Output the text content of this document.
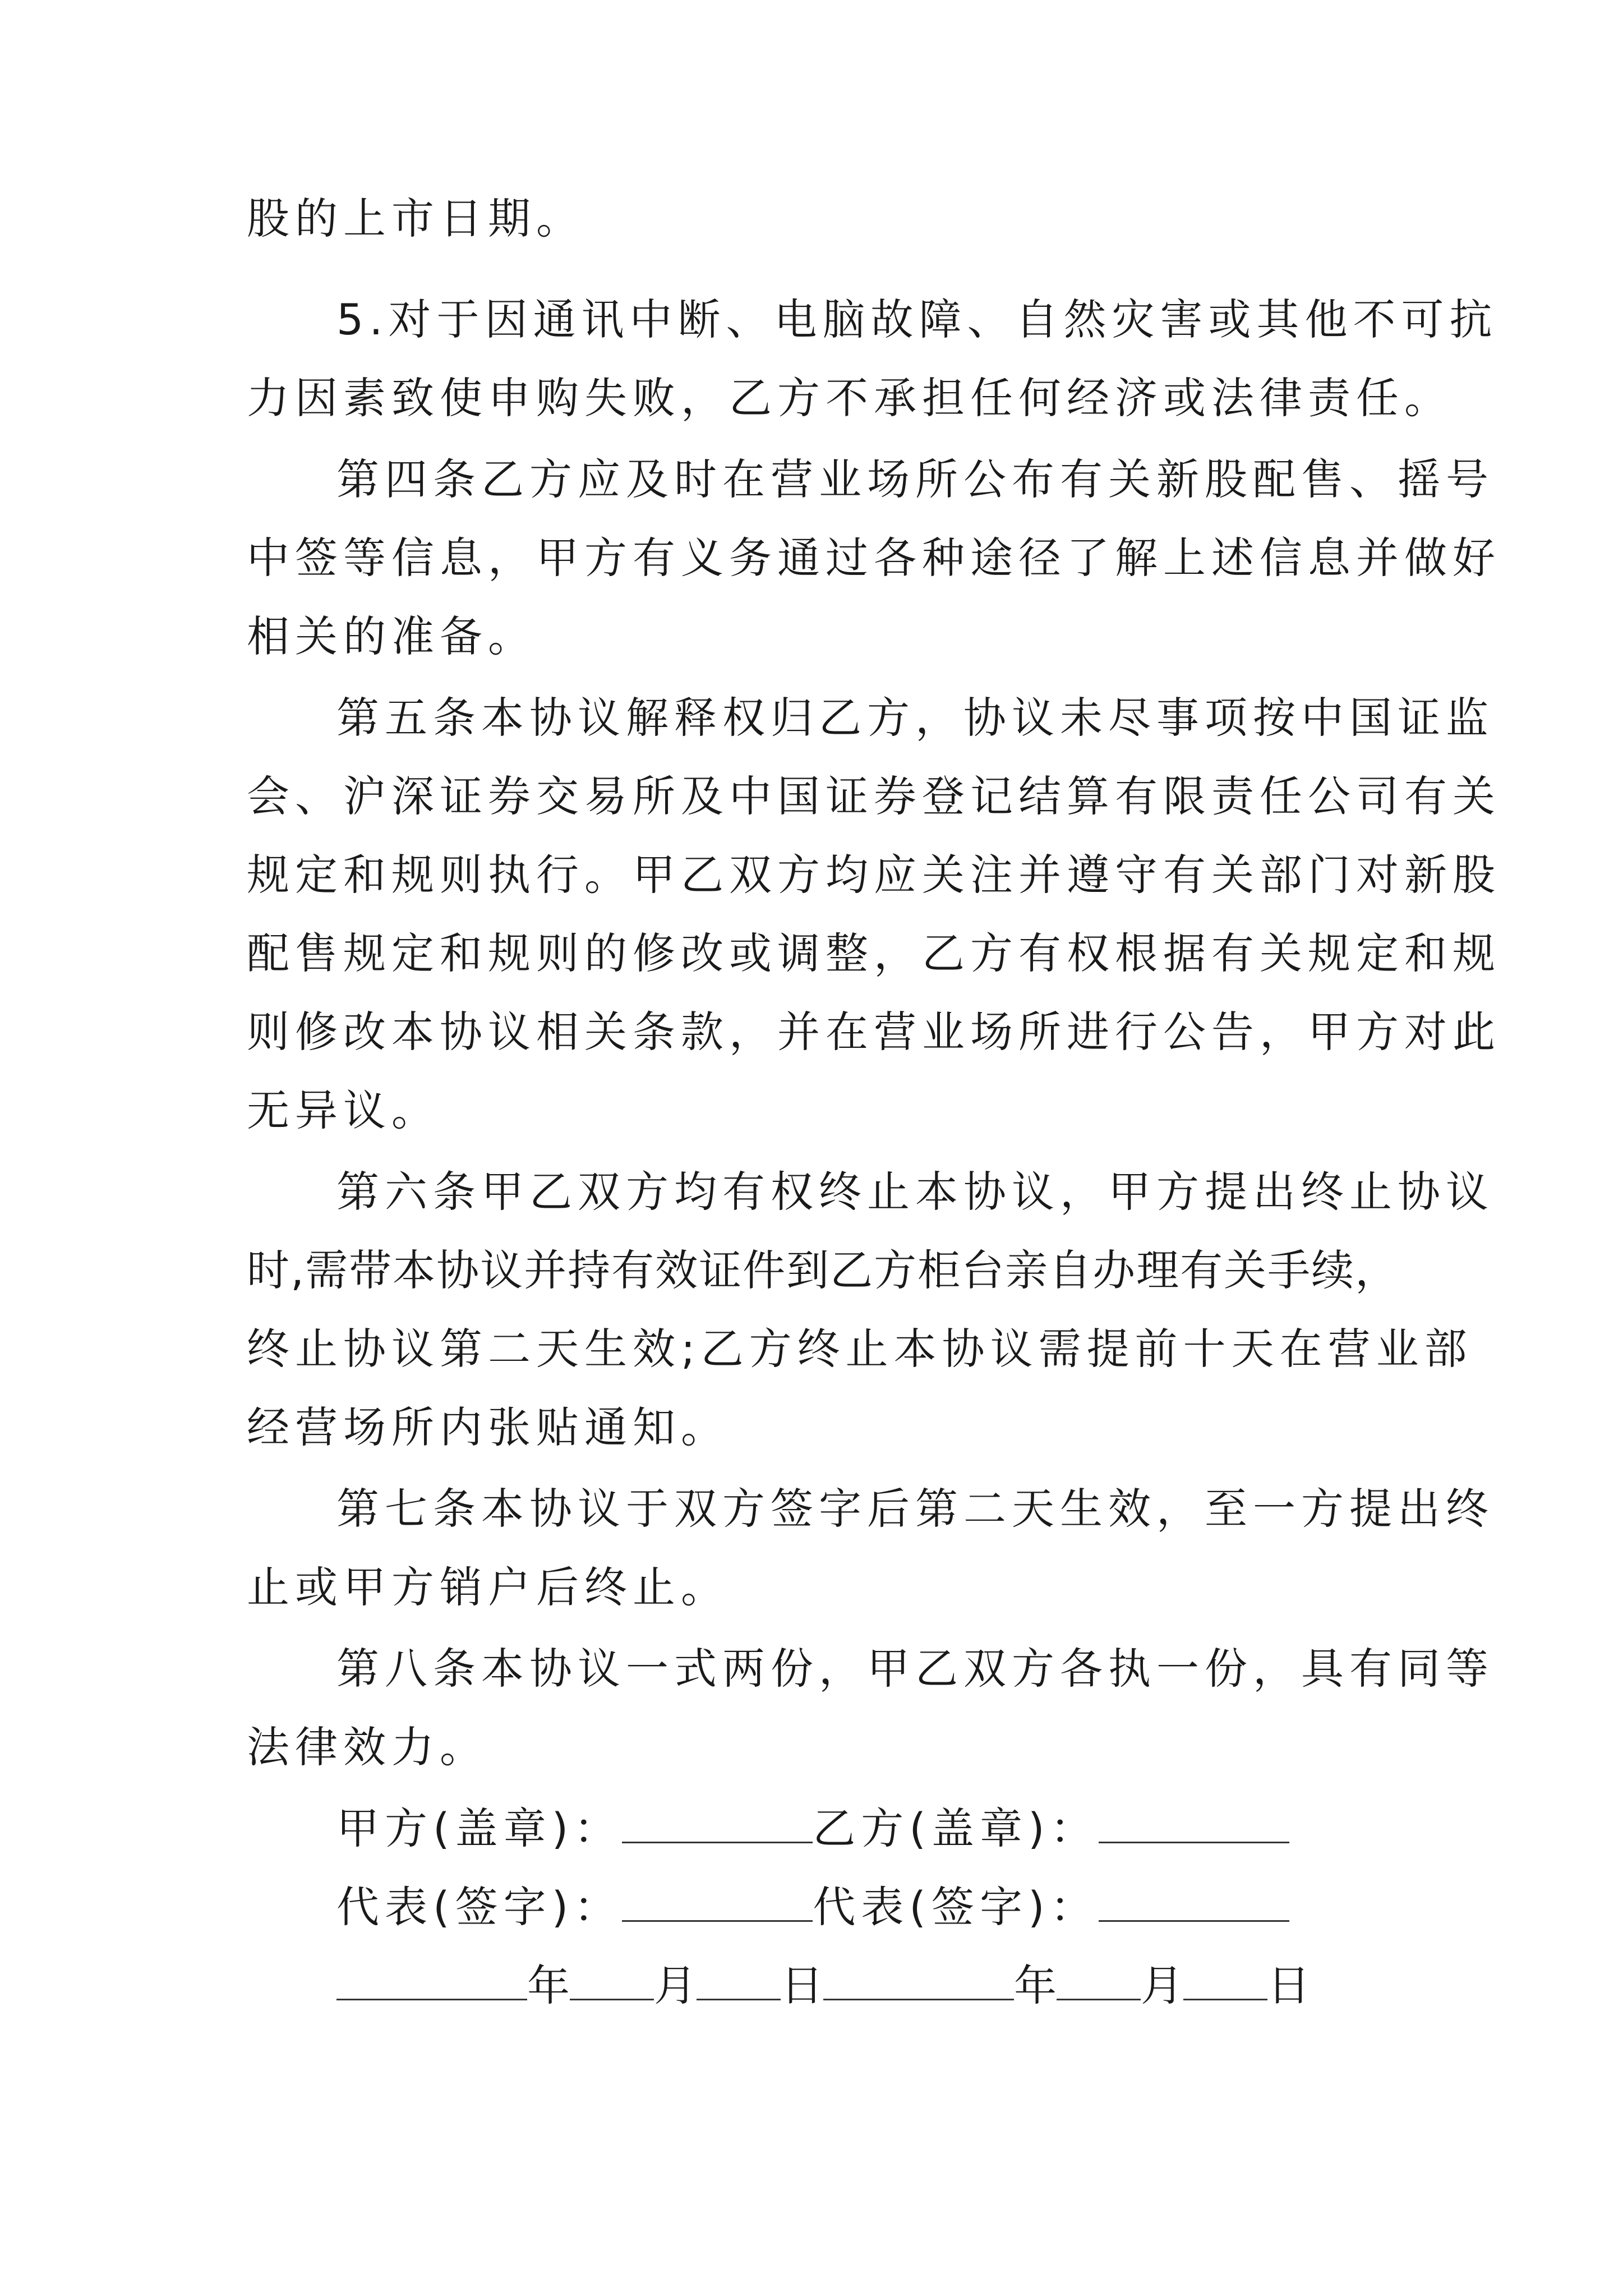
股的上市日期。

5.对于因通讯中断、电脑故障、自然灾害或其他不可抗

力因素致使申购失败，乙方不承担任何经济或法律责任。

第四条乙方应及时在营业场所公布有关新股配售、摇号

中签等信息，甲方有义务通过各种途径了解上述信息并做好

相关的准备。

第五条本协议解释权归乙方，协议未尽事项按中国证监

会、沪深证券交易所及中国证券登记结算有限责任公司有关

规定和规则执行。甲乙双方均应关注并遵守有关部门对新股

配售规定和规则的修改或调整，乙方有权根据有关规定和规

则修改本协议相关条款，并在营业场所进行公告，甲方对此

无异议。

第六条甲乙双方均有权终止本协议，甲方提出终止协议

时,需带本协议并持有效证件到乙方柜台亲自办理有关手续，

终止协议第二天生效;乙方终止本协议需提前十天在营业部

经营场所内张贴通知。

第七条本协议于双方签字后第二天生效，至一方提出终

止或甲方销户后终止。

第八条本协议一式两份，甲乙双方各执一份，具有同等

法律效力。

甲方(盖章)：	乙方(盖章)：
代表(签字)：	代表(签字)：
年 月 日	年 月 日
